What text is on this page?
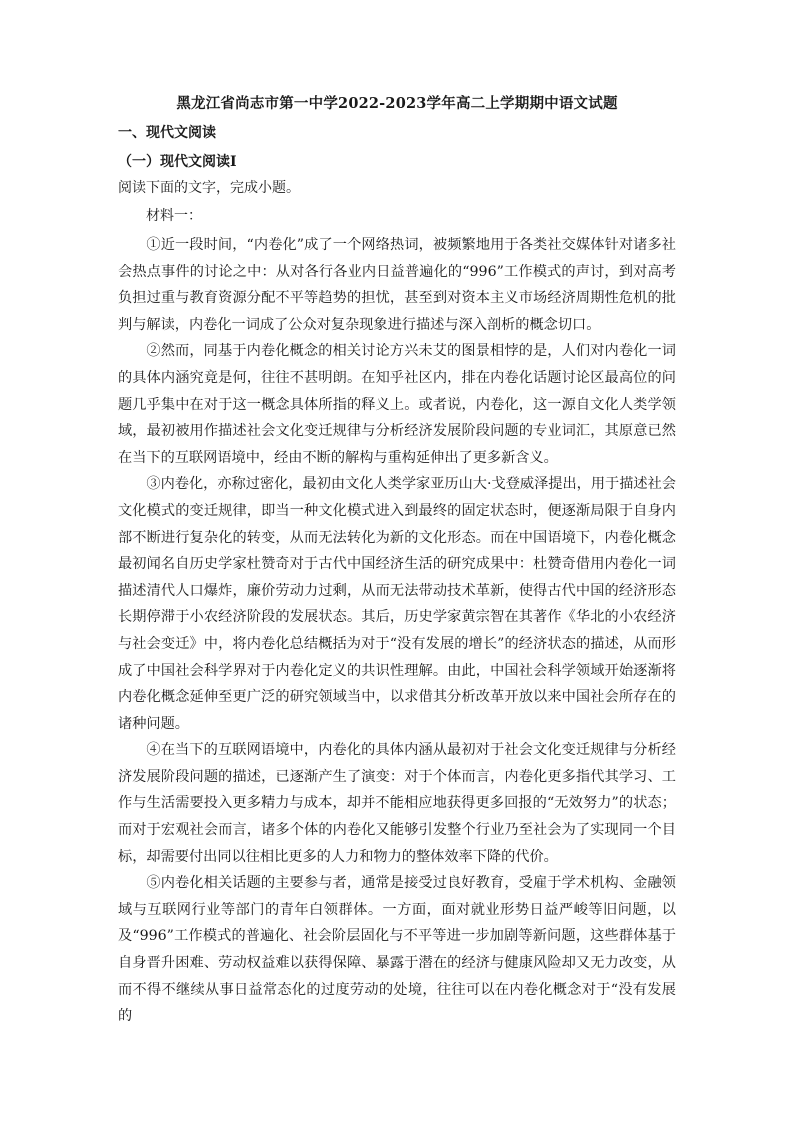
黑龙江省尚志市第一中学2022-2023学年高二上学期期中语文试题
一、现代文阅读
（一）现代文阅读Ⅰ
阅读下面的文字，完成小题。
材料一：

①近一段时间，“内卷化”成了一个网络热词，被频繁地用于各类社交媒体针对诸多社会热点事件的讨论之中：从对各行各业内日益普遍化的“996”工作模式的声讨，到对高考负担过重与教育资源分配不平等趋势的担忧，甚至到对资本主义市场经济周期性危机的批判与解读，内卷化一词成了公众对复杂现象进行描述与深入剖析的概念切口。

②然而，同基于内卷化概念的相关讨论方兴未艾的图景相悖的是，人们对内卷化一词的具体内涵究竟是何，往往不甚明朗。在知乎社区内，排在内卷化话题讨论区最高位的问题几乎集中在对于这一概念具体所指的释义上。或者说，内卷化，这一源自文化人类学领域，最初被用作描述社会文化变迁规律与分析经济发展阶段问题的专业词汇，其原意已然在当下的互联网语境中，经由不断的解构与重构延伸出了更多新含义。

③内卷化，亦称过密化，最初由文化人类学家亚历山大·戈登威泽提出，用于描述社会文化模式的变迁规律，即当一种文化模式进入到最终的固定状态时，便逐渐局限于自身内部不断进行复杂化的转变，从而无法转化为新的文化形态。而在中国语境下，内卷化概念最初闻名自历史学家杜赞奇对于古代中国经济生活的研究成果中：杜赞奇借用内卷化一词描述清代人口爆炸，廉价劳动力过剩，从而无法带动技术革新，使得古代中国的经济形态长期停滞于小农经济阶段的发展状态。其后，历史学家黄宗智在其著作《华北的小农经济与社会变迁》中，将内卷化总结概括为对于“没有发展的增长”的经济状态的描述，从而形成了中国社会科学界对于内卷化定义的共识性理解。由此，中国社会科学领域开始逐渐将内卷化概念延伸至更广泛的研究领域当中，以求借其分析改革开放以来中国社会所存在的诸种问题。

④在当下的互联网语境中，内卷化的具体内涵从最初对于社会文化变迁规律与分析经济发展阶段问题的描述，已逐渐产生了演变：对于个体而言，内卷化更多指代其学习、工作与生活需要投入更多精力与成本，却并不能相应地获得更多回报的“无效努力”的状态；而对于宏观社会而言，诸多个体的内卷化又能够引发整个行业乃至社会为了实现同一个目标，却需要付出同以往相比更多的人力和物力的整体效率下降的代价。

⑤内卷化相关话题的主要参与者，通常是接受过良好教育，受雇于学术机构、金融领域与互联网行业等部门的青年白领群体。一方面，面对就业形势日益严峻等旧问题，以及“996”工作模式的普遍化、社会阶层固化与不平等进一步加剧等新问题，这些群体基于自身晋升困难、劳动权益难以获得保障、暴露于潜在的经济与健康风险却又无力改变，从而不得不继续从事日益常态化的过度劳动的处境，往往可以在内卷化概念对于“没有发展的
